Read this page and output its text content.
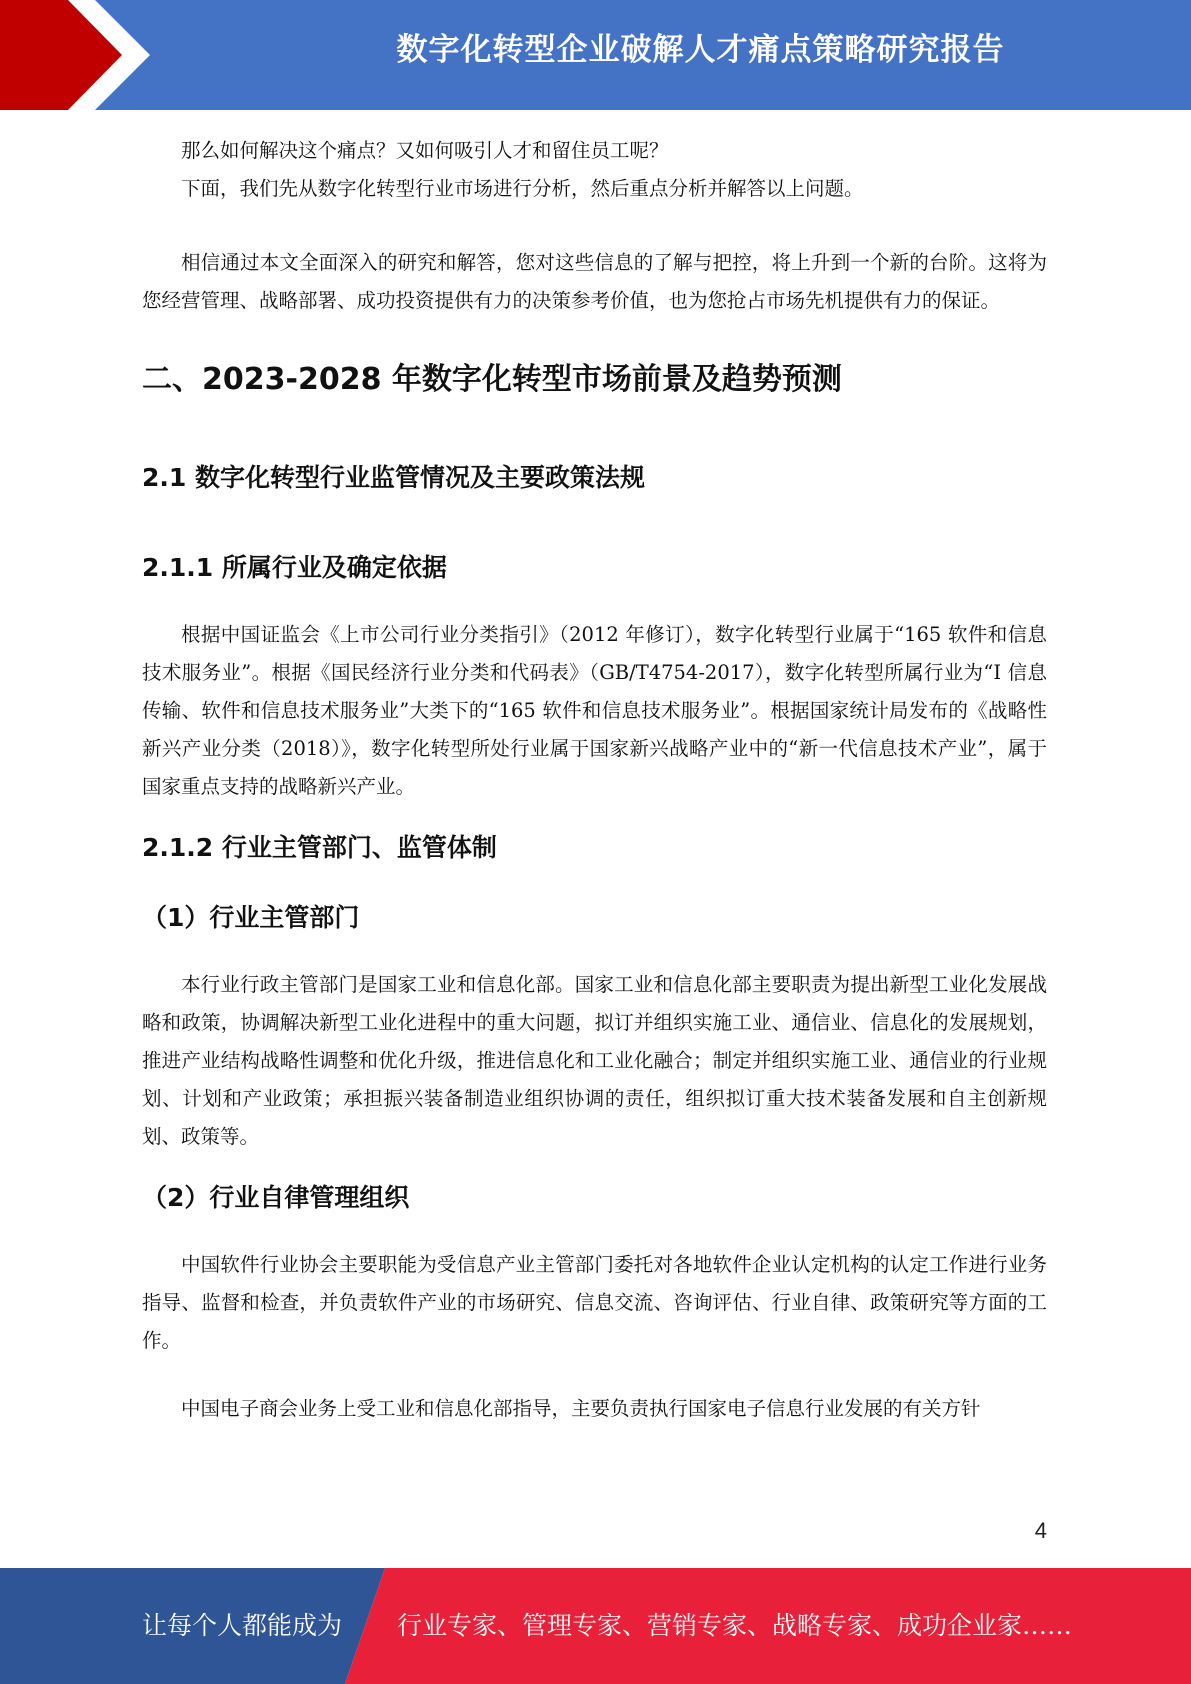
数字化转型企业破解人才痛点策略研究报告

那么如何解决这个痛点？又如何吸引人才和留住员工呢？

下面，我们先从数字化转型行业市场进行分析，然后重点分析并解答以上问题。

相信通过本文全面深入的研究和解答，您对这些信息的了解与把控，将上升到一个新的台阶。这将为您经营管理、战略部署、成功投资提供有力的决策参考价值，也为您抢占市场先机提供有力的保证。

二、2023-2028 年数字化转型市场前景及趋势预测
2.1 数字化转型行业监管情况及主要政策法规
2.1.1 所属行业及确定依据

根据中国证监会《上市公司行业分类指引》（2012 年修订），数字化转型行业属于“165 软件和信息技术服务业”。根据《国民经济行业分类和代码表》（GB/T4754-2017），数字化转型所属行业为“I 信息传输、软件和信息技术服务业”大类下的“165 软件和信息技术服务业”。根据国家统计局发布的《战略性新兴产业分类（2018）》，数字化转型所处行业属于国家新兴战略产业中的“新一代信息技术产业”，属于国家重点支持的战略新兴产业。

2.1.2 行业主管部门、监管体制
（1）行业主管部门

本行业行政主管部门是国家工业和信息化部。国家工业和信息化部主要职责为提出新型工业化发展战略和政策，协调解决新型工业化进程中的重大问题，拟订并组织实施工业、通信业、信息化的发展规划，推进产业结构战略性调整和优化升级，推进信息化和工业化融合；制定并组织实施工业、通信业的行业规划、计划和产业政策；承担振兴装备制造业组织协调的责任，组织拟订重大技术装备发展和自主创新规划、政策等。

（2）行业自律管理组织

中国软件行业协会主要职能为受信息产业主管部门委托对各地软件企业认定机构的认定工作进行业务指导、监督和检查，并负责软件产业的市场研究、信息交流、咨询评估、行业自律、政策研究等方面的工作。

中国电子商会业务上受工业和信息化部指导，主要负责执行国家电子信息行业发展的有关方针

4
让每个人都能成为 行业专家、管理专家、营销专家、战略专家、成功企业家……
